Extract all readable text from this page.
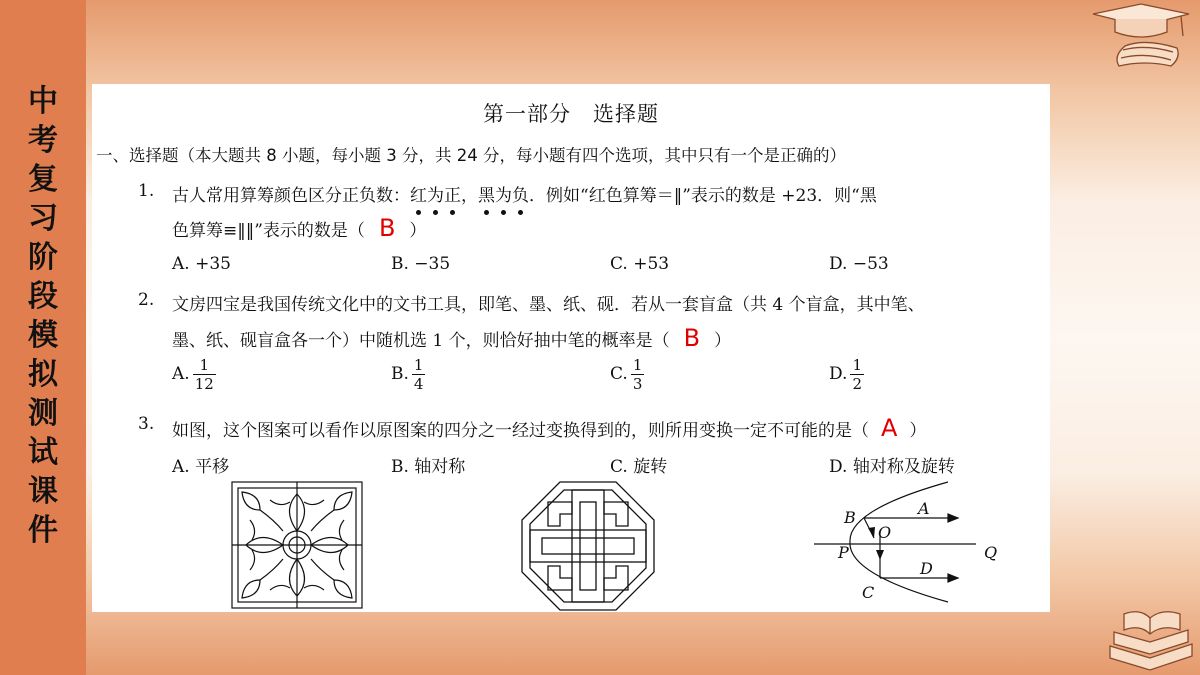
中
考
复
习
阶
段
模
拟
测
试
课
件
第一部分　选择题
一、选择题（本大题共 8 小题，每小题 3 分，共 24 分，每小题有四个选项，其中只有一个是正确的）
1. 古人常用算筹颜色区分正负数：红
为
正
，黑
为
负
．例如“红色算筹＝‖”表示的数是 +23．则“黑
色算筹≡‖‖”表示的数是（ B ）
A. +35	B. −35	C. +53	D. −53
2. 文房四宝是我国传统文化中的文书工具，即笔、墨、纸、砚．若从一套盲盒（共 4 个盲盒，其中笔、
墨、纸、砚盲盒各一个）中随机选 1 个，则恰好抽中笔的概率是（ B ）
A. $\frac{1}{12}$	B. $\frac{1}{4}$	C. $\frac{1}{3}$	D. $\frac{1}{2}$
3. 如图，这个图案可以看作以原图案的四分之一经过变换得到的，则所用变换一定不可能的是（ A ）
A. 平移	B. 轴对称	C. 旋转	D. 轴对称及旋转
B	A
O
P	Q
C
D
